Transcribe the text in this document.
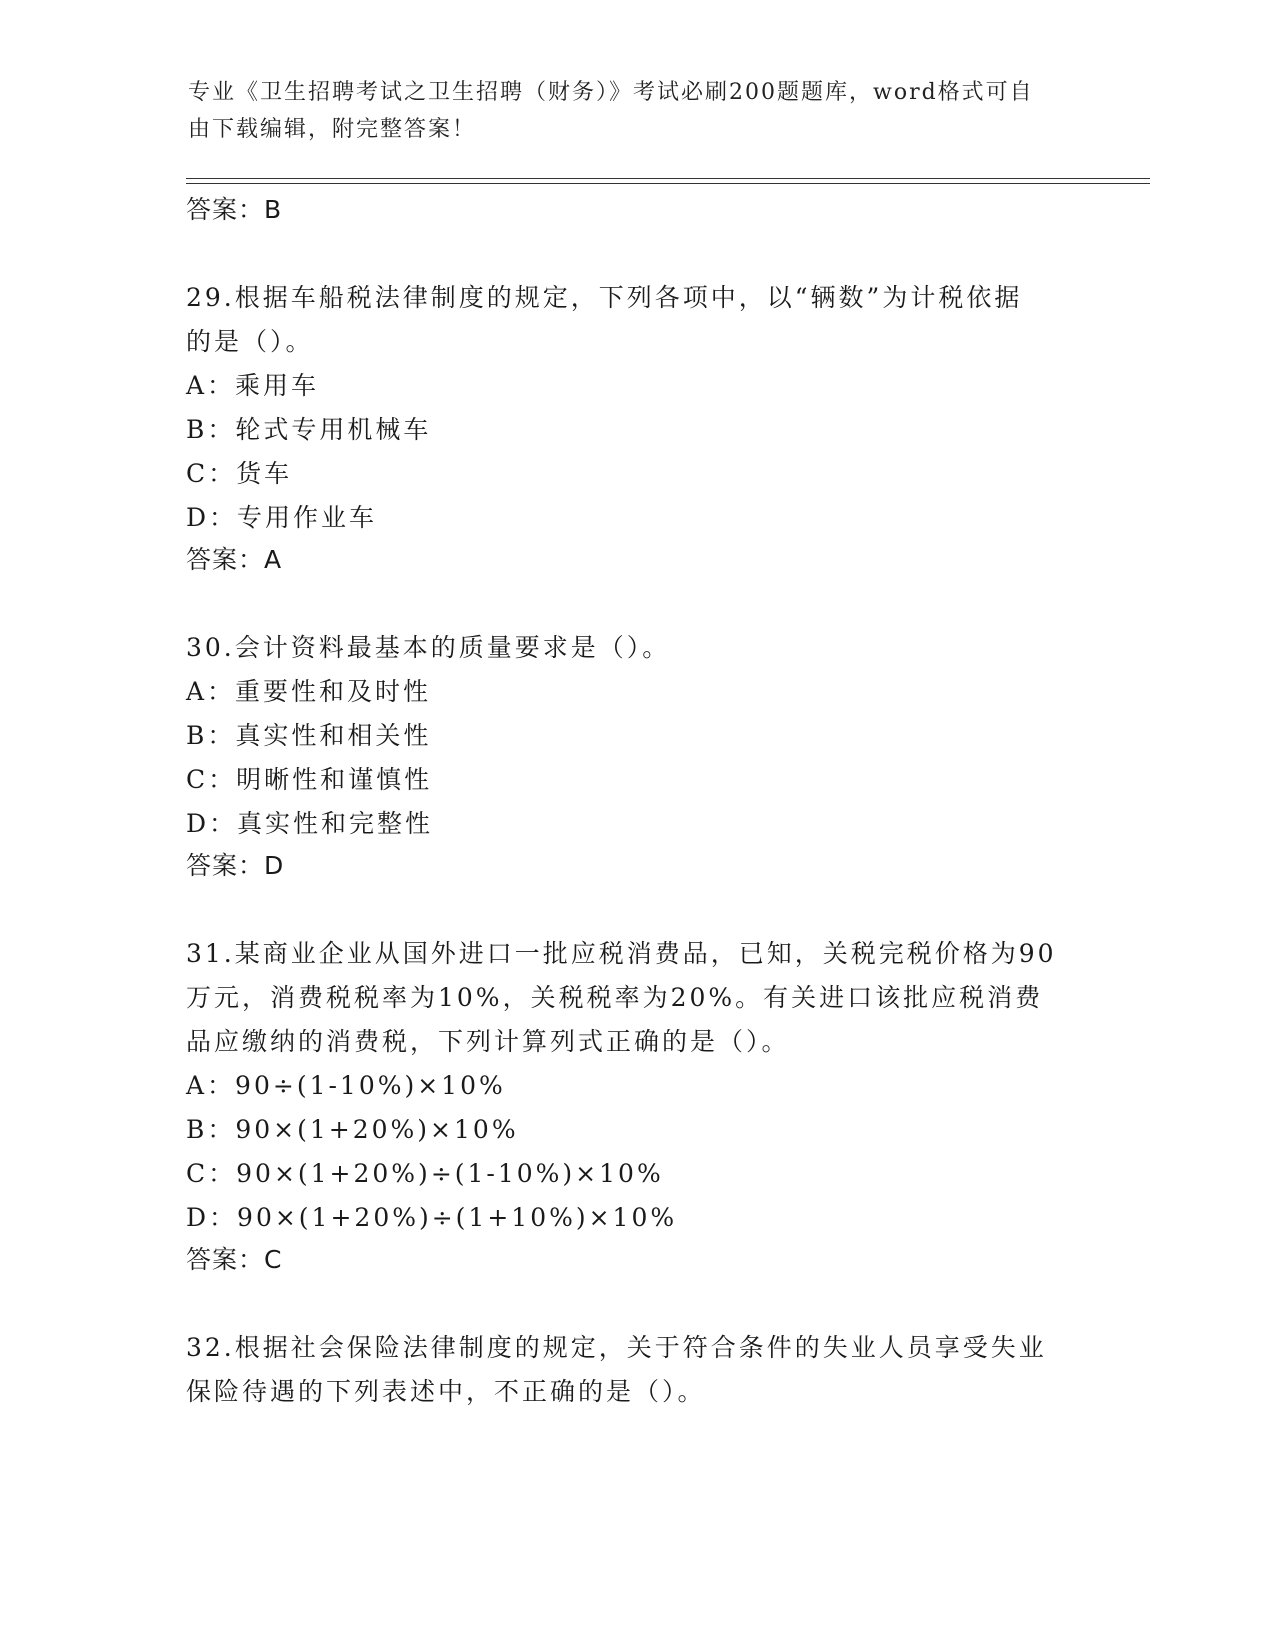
专业《卫生招聘考试之卫生招聘（财务）》考试必刷200题题库，word格式可自
由下载编辑，附完整答案！
答案：B
29.根据车船税法律制度的规定，下列各项中，以“辆数”为计税依据
的是（）。
A：乘用车
B：轮式专用机械车
C：货车
D：专用作业车
答案：A
30.会计资料最基本的质量要求是（）。
A：重要性和及时性
B：真实性和相关性
C：明晰性和谨慎性
D：真实性和完整性
答案：D
31.某商业企业从国外进口一批应税消费品，已知，关税完税价格为90
万元，消费税税率为10%，关税税率为20%。有关进口该批应税消费
品应缴纳的消费税，下列计算列式正确的是（）。
A：90÷(1-10%)×10%
B：90×(1+20%)×10%
C：90×(1+20%)÷(1-10%)×10%
D：90×(1+20%)÷(1+10%)×10%
答案：C
32.根据社会保险法律制度的规定，关于符合条件的失业人员享受失业
保险待遇的下列表述中，不正确的是（）。
